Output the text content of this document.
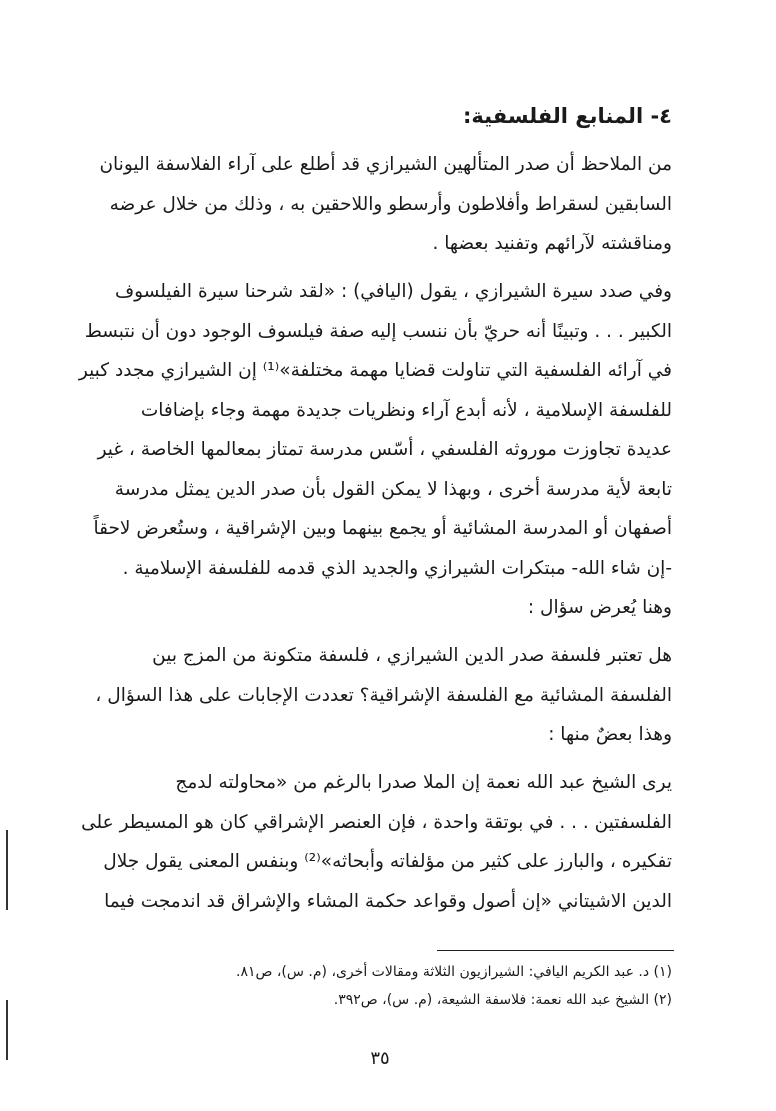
٤- المنابع الفلسفية:

من الملاحظ أن صدر المتألهين الشيرازي قد أطلع على آراء الفلاسفة اليونان
السابقين لسقراط وأفلاطون وأرسطو واللاحقين به ، وذلك من خلال عرضه
ومناقشته لآرائهم وتفنيد بعضها .

وفي صدد سيرة الشيرازي ، يقول (اليافي) : «لقد شرحنا سيرة الفيلسوف
الكبير . . . وتبينًا أنه حريّ بأن ننسب إليه صفة فيلسوف الوجود دون أن نتبسط
في آرائه الفلسفية التي تناولت قضايا مهمة مختلفة»⁽¹⁾ إن الشيرازي مجدد كبير
للفلسفة الإسلامية ، لأنه أبدع آراء ونظريات جديدة مهمة وجاء بإضافات
عديدة تجاوزت موروثه الفلسفي ، أسّس مدرسة تمتاز بمعالمها الخاصة ، غير
تابعة لأية مدرسة أخرى ، وبهذا لا يمكن القول بأن صدر الدين يمثل مدرسة
أصفهان أو المدرسة المشائية أو يجمع بينهما وبين الإشراقية ، وستُعرض لاحقاً
-إن شاء الله- مبتكرات الشيرازي والجديد الذي قدمه للفلسفة الإسلامية .
وهنا يُعرض سؤال :

هل تعتبر فلسفة صدر الدين الشيرازي ، فلسفة متكونة من المزج بين
الفلسفة المشائية مع الفلسفة الإشراقية؟ تعددت الإجابات على هذا السؤال ،
وهذا بعضٌ منها :

يرى الشيخ عبد الله نعمة إن الملا صدرا بالرغم من «محاولته لدمج
الفلسفتين . . . في بوتقة واحدة ، فإن العنصر الإشراقي كان هو المسيطر على
تفكيره ، والبارز على كثير من مؤلفاته وأبحاثه»⁽²⁾ وبنفس المعنى يقول جلال
الدين الاشيتاني «إن أصول وقواعد حكمة المشاء والإشراق قد اندمجت فيما

(١) د. عبد الكريم اليافي: الشيرازيون الثلاثة ومقالات أخرى، (م. س)، ص٨١.
(٢) الشيخ عبد الله نعمة: فلاسفة الشيعة، (م. س)، ص٣٩٢.
٣٥
